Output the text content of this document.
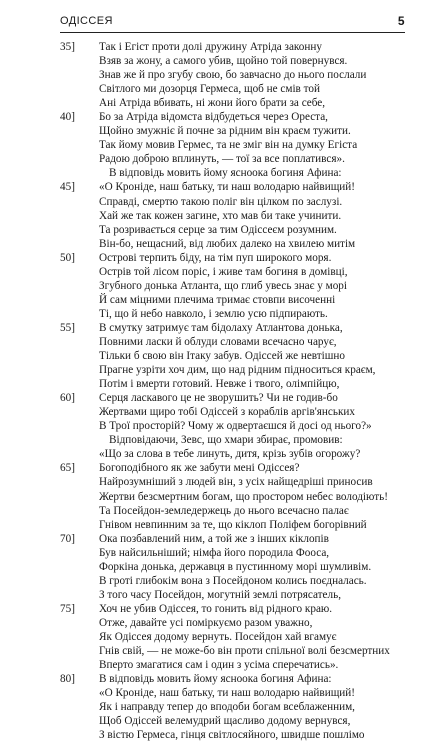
ОДІССЕЯ	5
35]	Так і Егіст проти долі дружину Атріда законну
Взяв за жону, а самого убив, щойно той повернувся.
Знав же й про згубу свою, бо завчасно до нього послали
Світлого ми дозорця Гермеса, щоб не смів той
Ані Атріда вбивать, ні жони його брати за себе,
40]	Бо за Атріда відомста відбудеться через Ореста,
Щойно змужніє й почне за рідним він краєм тужити.
Так йому мовив Гермес, та не зміг він на думку Егіста
Радою доброю вплинуть, — тої за все поплатився».
В відповідь мовить йому ясноока богиня Афина:
45]	«О Кроніде, наш батьку, ти наш володарю найвищий!
Справді, смертю такою поліг він цілком по заслузі.
Хай же так кожен загине, хто мав би таке учинити.
Та розривається серце за тим Одіссеєм розумним.
Він-бо, нещасний, від любих далеко на хвилею митім
50]	Острові терпить біду, на тім пуп широкого моря.
Острів той лісом поріс, і живе там богиня в домівці,
Згубного донька Атланта, що глиб увесь знає у морі
Й сам міцними плечима тримає стовпи височенні
Ті, що й небо навколо, і землю усю підпирають.
55]	В смутку затримує там бідолаху Атлантова донька,
Повними ласки й облуди словами всечасно чарує,
Тільки б свою він Ітаку забув. Одіссей же невтішно
Прагне узріти хоч дим, що над рідним підноситься краєм,
Потім і вмерти готовий. Невже і твого, олімпійцю,
60]	Серця ласкавого це не зворушить? Чи не годив-бо
Жертвами щиро тобі Одіссей з кораблів аргів'янських
В Трої просторій? Чому ж одвертаєшся й досі од нього?»
Відповідаючи, Зевс, що хмари збирає, промовив:
«Що за слова в тебе линуть, дитя, крізь зубів огорожу?
65]	Богоподібного як же забути мені Одіссея?
Найрозумніший з людей він, з усіх найщедріші приносив
Жертви безсмертним богам, що простором небес володіють!
Та Посейдон-земледержець до нього всечасно палає
Гнівом невпинним за те, що кіклоп Поліфем богорівний
70]	Ока позбавлений ним, а той же з інших кіклопів
Був найсильніший; німфа його породила Фооса,
Форкіна донька, державця в пустинному морі шумливім.
В гроті глибокім вона з Посейдоном колись поєдналась.
З того часу Посейдон, могутній землі потрясатель,
75]	Хоч не убив Одіссея, то гонить від рідного краю.
Отже, давайте усі поміркуємо разом уважно,
Як Одіссея додому вернуть. Посейдон хай вгамує
Гнів свій, — не може-бо він проти спільної волі безсмертних
Вперто змагатися сам і один з усіма сперечатись».
80]	В відповідь мовить йому ясноока богиня Афина:
«О Кроніде, наш батьку, ти наш володарю найвищий!
Як і направду тепер до вподоби богам всеблаженним,
Щоб Одіссей велемудрий щасливо додому вернувся,
З вістю Гермеса, гінця світлосяйного, швидше пошлімо
